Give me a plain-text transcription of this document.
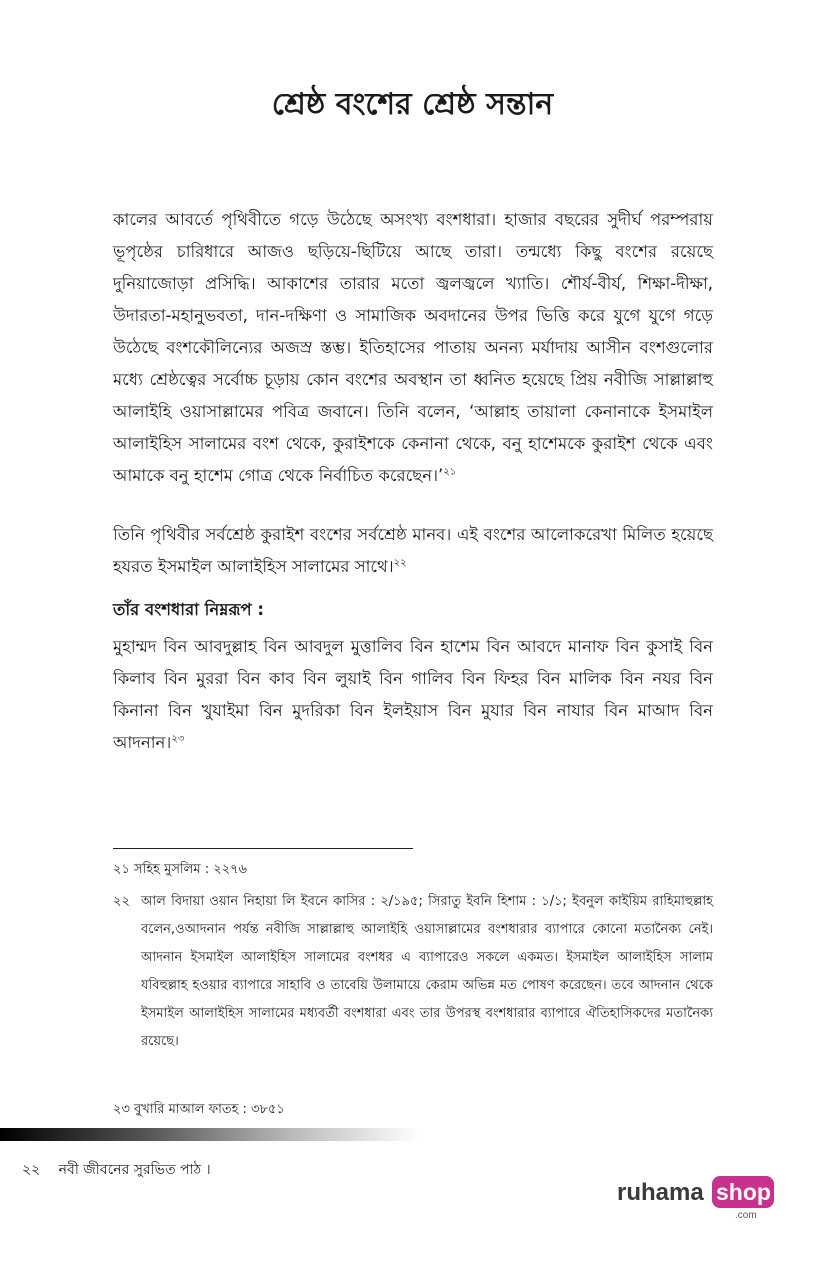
শ্রেষ্ঠ বংশের শ্রেষ্ঠ সন্তান

কালের আবর্তে পৃথিবীতে গড়ে উঠেছে অসংখ্য বংশধারা। হাজার বছরের সুদীর্ঘ পরম্পরায় ভূপৃষ্ঠের চারিধারে আজও ছড়িয়ে-ছিটিয়ে আছে তারা। তন্মধ্যে কিছু বংশের রয়েছে দুনিয়াজোড়া প্রসিদ্ধি। আকাশের তারার মতো জ্বলজ্বলে খ্যাতি। শৌর্য-বীর্য, শিক্ষা-দীক্ষা, উদারতা-মহানুভবতা, দান-দক্ষিণা ও সামাজিক অবদানের উপর ভিত্তি করে যুগে যুগে গড়ে উঠেছে বংশকৌলিন্যের অজস্র স্তম্ভ। ইতিহাসের পাতায় অনন্য মর্যাদায় আসীন বংশগুলোর মধ্যে শ্রেষ্ঠত্বের সর্বোচ্চ চূড়ায় কোন বংশের অবস্থান তা ধ্বনিত হয়েছে প্রিয় নবীজি সাল্লাল্লাহু আলাইহি ওয়াসাল্লামের পবিত্র জবানে। তিনি বলেন, ‘আল্লাহ তায়ালা কেনানাকে ইসমাইল আলাইহিস সালামের বংশ থেকে, কুরাইশকে কেনানা থেকে, বনু হাশেমকে কুরাইশ থেকে এবং আমাকে বনু হাশেম গোত্র থেকে নির্বাচিত করেছেন।’$^{২১}$

তিনি পৃথিবীর সর্বশ্রেষ্ঠ কুরাইশ বংশের সর্বশ্রেষ্ঠ মানব। এই বংশের আলোকরেখা মিলিত হয়েছে হযরত ইসমাইল আলাইহিস সালামের সাথে।$^{২২}$

তাঁর বংশধারা নিম্নরূপ :

মুহাম্মদ বিন আবদুল্লাহ বিন আবদুল মুত্তালিব বিন হাশেম বিন আবদে মানাফ বিন কুসাই বিন কিলাব বিন মুররা বিন কাব বিন লুয়াই বিন গালিব বিন ফিহর বিন মালিক বিন নযর বিন কিনানা বিন খুযাইমা বিন মুদরিকা বিন ইলইয়াস বিন মুযার বিন নাযার বিন মাআদ বিন আদনান।$^{২৩}$

২১ সহিহ মুসলিম : ২২৭৬
২২ আল বিদায়া ওয়ান নিহায়া লি ইবনে কাসির : ২/১৯৫; সিরাতু ইবনি হিশাম : ১/১; ইবনুল কাইয়িম রাহিমাহুল্লাহ বলেন,ওআদনান পর্যন্ত নবীজি সাল্লাল্লাহু আলাইহি ওয়াসাল্লামের বংশধারার ব্যাপারে কোনো মতানৈক্য নেই। আদনান ইসমাইল আলাইহিস সালামের বংশধর এ ব্যাপারেও সকলে একমত। ইসমাইল আলাইহিস সালাম যবিহুল্লাহ হওয়ার ব্যাপারে সাহাবি ও তাবেয়ি উলামায়ে কেরাম অভিন্ন মত পোষণ করেছেন। তবে আদনান থেকে ইসমাইল আলাইহিস সালামের মধ্যবর্তী বংশধারা এবং তার উপরস্থ বংশধারার ব্যাপারে ঐতিহাসিকদের মতানৈক্য রয়েছে।
২৩ বুখারি মাআল ফাতহ : ৩৮৫১
২২ নবী জীবনের সুরভিত পাঠ ।
ruhama shop
.com
